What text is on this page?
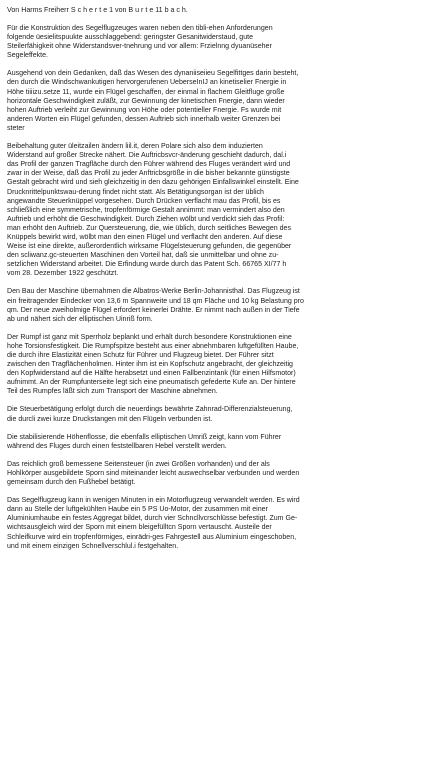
Von Harms Freiherr S c h e r t e 1 von B u r t e 11 b a c h.
Für die Konstruktion des Segelflugzeuges waren neben den tibli-ehen Anforderungen
folgende üesielitspuukte ausschlaggebend: geringster Gesanitwiderstaud, gute
Steilerfähigkeit ohne Widerstandsver-tnehrung und vor allem: Frzielnng dyuanüseher
Segeleffekte.
Ausgehend von dein Gedanken, daß das Wesen des dynaniiseiieu Segelfittges darin besteht,
den durch die Windschwankutigen hervorgerufenen UeberseInIJ an kinetiselier Fnergie in
Höhe tiiiizu.setze 11, wurde ein Flügel geschaffen, der einmal in flachem Gleitfluge große
horizontale Geschwindigkeit zuläßt, zur Gewinnung der kinetischen Fnergie, dann wieder
hohen Auftrieb verleiht zur Gewinnung von Höhe oder potentieller Fnergie. Fs wurde mit
anderen Worten ein Flügel gefunden, dessen Auftrieb sich innerhalb weiter Grenzen bei
steter
Beibehaltung guter üleitzailen ändern liil.it, deren Polare sich also dem induzierten
Widerstand auf großer Strecke nähert. Die Auftricbsvcr-änderung geschieht dadurch, dal.i
das Profil der ganzen Tragfläche durch den Führer während des Fluges verändert wird und
zwar in der Weise, daß das Profil zu jeder Anftricbsgröße in die bisher bekannte günstigste
Gestalt gebracht wird und sieh gleichzeitig in den dazu gehörigen Einfallswinkel einstellt. Eine
Drucknrittelpunktswau-derung findet nicht statt. Als Betätigungsorgan ist der üblich
angewandte Steuerknüppel vorgesehen. Durch Drücken verflacht mau das Profil, bis es
schließlich eine symmetrische, tropfenförmige Gestalt annimmt: man vermindert also den
Auftrieb und erhöht die Geschwindigkeit. Durch Ziehen wölbt und verdickt sieh das Profil:
man erhöht den Auftrieb. Zur Quersteuerung, die, wie üblich, durch seitliches Bewegen des
Knüppels bewirkt wird, wölbt man den einen Flügel und verflacht den anderen. Auf diese
Weise ist eine direkte, außerordentlich wirksame Flügelsteuerung gefunden, die gegenüber
den scliwanz.gc-steuerten Maschinen den Vorteil hat, daß sie unmittelbar und ohne zu-
setzlichen Widerstand arbeitet. Die Erfindung wurde durch das Patent Sch. 66765 XI/77 h
vom 28. Dezember 1922 geschützt.
Den Bau der Maschine übernahmen die Albatros-Werke Berlin-Johannisthal. Das Flugzeug ist
ein freitragender Eindecker von 13,6 m Spannweite und 18 qm Fläche und 10 kg Belastung pro
qm. Der neue zweiholmige Flügel erfordert keinerlei Drähte. Er nimmt nach außen in der Tiefe
ab und nähert sich der elliptischen Uinriß form.
Der Rumpf ist ganz mit Sperrholz beplankt und erhält durch besondere Konstruktionen eine
hohe Torsionsfestigkeit. Die Rumpfspitze besteht aus einer abnehmbaren luftgefüllten Haube,
die durch ihre Elastizität einen Schutz für Führer und Flugzeug bietet. Der Führer sitzt
zwischen den Tragflächenholmen. Hinter ihm ist ein Kopfschutz angebracht, der gleichzeitig
den Kopfwiderstand auf die Hälfte herabsetzt und einen Fallbenzintank (für einen Hilfsmotor)
aufnimmt. An der Rumpfunterseite legt sich eine pneumatisch gefederte Kufe an. Der hintere
Teil des Rumpfes läßt sich zum Transport der Maschine abnehmen.
Die Steuerbetätigung erfolgt durch die neuerdings bewährte Zahnrad-Differenzialsteuerung,
die durcli zwei kurze Druckstangen mit den Flügeln verbunden ist.
Die stabilisierende Höhenflosse, die ebenfalls elliptischen Umriß zeigt, kann vom Führer
während des Fluges durch einen feststellbaren Hebel verstellt werden.
Das reichlich groß bemessene Seitensteuer (in zwei Größen vorhanden) und der als
Hohlkörper ausgebildete Sporn sind miteinander leicht auswechselbar verbunden und werden
gemeinsam durch den Fußhebel betätigt.
Das Segelflugzeug kann in wenigen Minuten in ein Motorflugzeug verwandelt werden. Es wird
dann au Stelle der luftgekühlten Haube ein 5 PS Uo-Motor, der zusammen mit einer
Aluminiumhaube ein festes Aggregat bildet, durch vier Schncllvcrschlüsse befestigt. Zum Ge-
wichtsausgleich wird der Sporn mit einem bleigefülltcn Sporn vertauscht. Austeile der
Schleifkurve wird ein tropfenförmiges, einrädri-ges Fahrgestell aus Aluminium eingeschoben,
und mit einem einzigen Schnellverschlul.i festgehalten.
